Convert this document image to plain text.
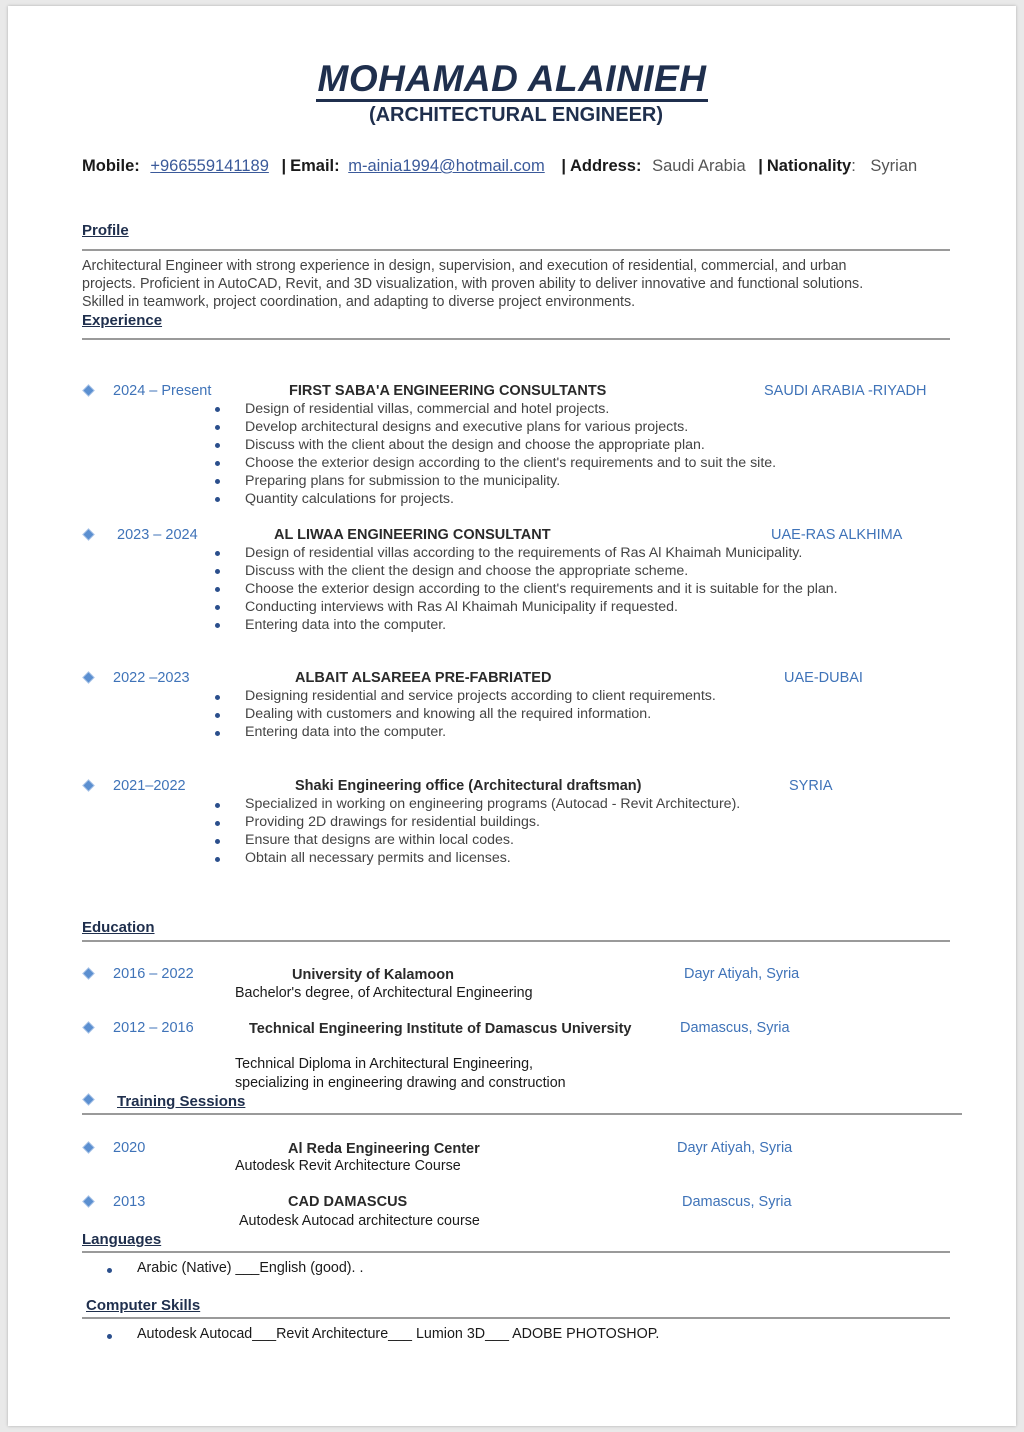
MOHAMAD ALAINIEH
(ARCHITECTURAL ENGINEER)
Mobile: +966559141189 | Email: m-ainia1994@hotmail.com | Address: Saudi Arabia | Nationality: Syrian
Profile
Architectural Engineer with strong experience in design, supervision, and execution of residential, commercial, and urban
projects. Proficient in AutoCAD, Revit, and 3D visualization, with proven ability to deliver innovative and functional solutions.
Skilled in teamwork, project coordination, and adapting to diverse project environments.
Experience
2024 – Present	FIRST SABA'A ENGINEERING CONSULTANTS	SAUDI ARABIA -RIYADH
Design of residential villas, commercial and hotel projects.
Develop architectural designs and executive plans for various projects.
Discuss with the client about the design and choose the appropriate plan.
Choose the exterior design according to the client's requirements and to suit the site.
Preparing plans for submission to the municipality.
Quantity calculations for projects.
2023 – 2024	AL LIWAA ENGINEERING CONSULTANT	UAE-RAS ALKHIMA
Design of residential villas according to the requirements of Ras Al Khaimah Municipality.
Discuss with the client the design and choose the appropriate scheme.
Choose the exterior design according to the client's requirements and it is suitable for the plan.
Conducting interviews with Ras Al Khaimah Municipality if requested.
Entering data into the computer.
2022 –2023	ALBAIT ALSAREEA PRE-FABRIATED	UAE-DUBAI
Designing residential and service projects according to client requirements.
Dealing with customers and knowing all the required information.
Entering data into the computer.
2021–2022	Shaki Engineering office (Architectural draftsman)	SYRIA
Specialized in working on engineering programs (Autocad - Revit Architecture).
Providing 2D drawings for residential buildings.
Ensure that designs are within local codes.
Obtain all necessary permits and licenses.
Education
2016 – 2022	University of Kalamoon	Dayr Atiyah, Syria
Bachelor's degree, of Architectural Engineering
2012 – 2016	Technical Engineering Institute of Damascus University	Damascus, Syria
Technical Diploma in Architectural Engineering,
specializing in engineering drawing and construction
Training Sessions
2020	Al Reda Engineering Center	Dayr Atiyah, Syria
Autodesk Revit Architecture Course
2013	CAD DAMASCUS	Damascus, Syria
Autodesk Autocad architecture course
Languages
Arabic (Native) ___English (good). .
Computer Skills
Autodesk Autocad___Revit Architecture___ Lumion 3D___ ADOBE PHOTOSHOP.
